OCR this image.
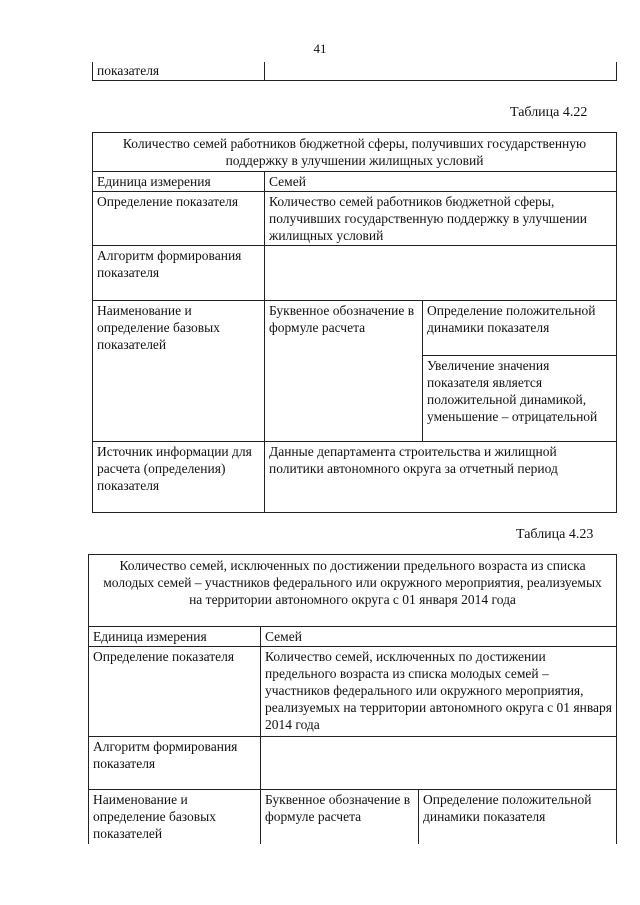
41
показателя	
Таблица 4.22
Количество семей работников бюджетной сферы, получивших государственную поддержку в улучшении жилищных условий		
Единица измерения	Семей	
Определение показателя	Количество семей работников бюджетной сферы, получивших государственную поддержку в улучшении жилищных условий	
Алгоритм формирования показателя		
Наименование и определение базовых показателей	Буквенное обозначение в формуле расчета	Определение положительной динамики показателя
		Увеличение значения показателя является положительной динамикой, уменьшение – отрицательной
Источник информации для расчета (определения) показателя	Данные департамента строительства и жилищной политики автономного округа за отчетный период	
Таблица 4.23
Количество семей, исключенных по достижении предельного возраста из списка молодых семей – участников федерального или окружного мероприятия, реализуемых на территории автономного округа с 01 января 2014 года		
Единица измерения	Семей	
Определение показателя	Количество семей, исключенных по достижении предельного возраста из списка молодых семей – участников федерального или окружного мероприятия, реализуемых на территории автономного округа с 01 января 2014 года	
Алгоритм формирования показателя		
Наименование и определение базовых показателей	Буквенное обозначение в формуле расчета	Определение положительной динамики показателя
